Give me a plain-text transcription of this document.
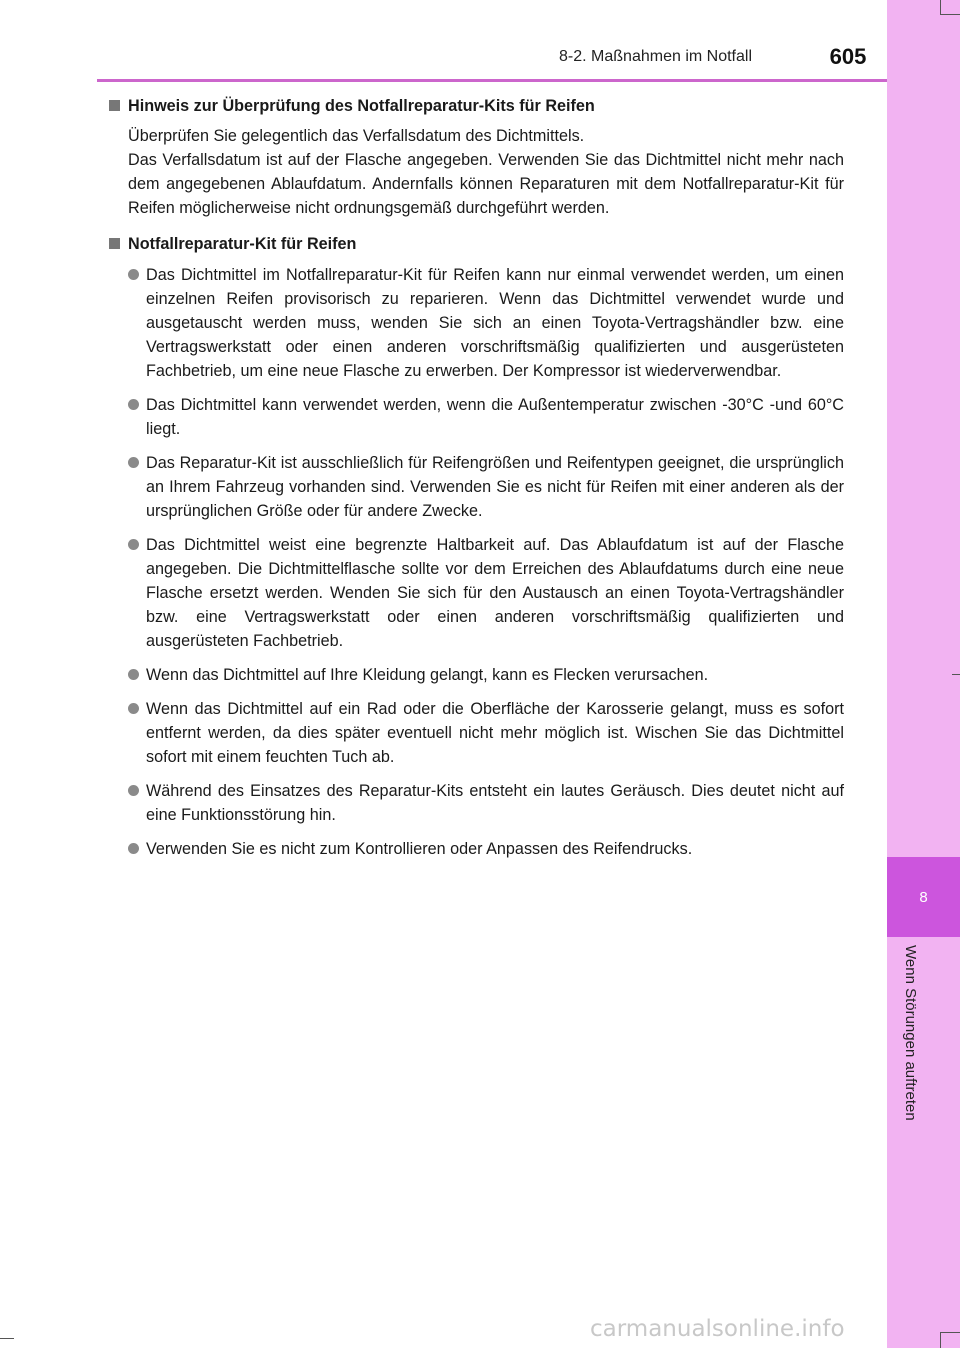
8-2. Maßnahmen im Notfall	605
8
Wenn Störungen auftreten
Hinweis zur Überprüfung des Notfallreparatur-Kits für Reifen

Überprüfen Sie gelegentlich das Verfallsdatum des Dichtmittels.

Das Verfallsdatum ist auf der Flasche angegeben. Verwenden Sie das Dichtmittel nicht mehr nach dem angegebenen Ablaufdatum. Andernfalls können Reparaturen mit dem Notfallreparatur-Kit für Reifen möglicherweise nicht ordnungsgemäß durchgeführt werden.

Notfallreparatur-Kit für Reifen
Das Dichtmittel im Notfallreparatur-Kit für Reifen kann nur einmal verwendet werden, um einen einzelnen Reifen provisorisch zu reparieren. Wenn das Dichtmittel verwendet wurde und ausgetauscht werden muss, wenden Sie sich an einen Toyota-Vertragshändler bzw. eine Vertragswerkstatt oder einen anderen vorschriftsmäßig qualifizierten und ausgerüsteten Fachbetrieb, um eine neue Flasche zu erwerben. Der Kompressor ist wiederverwendbar.
Das Dichtmittel kann verwendet werden, wenn die Außentemperatur zwischen -30°C -und 60°C liegt.
Das Reparatur-Kit ist ausschließlich für Reifengrößen und Reifentypen geeignet, die ursprünglich an Ihrem Fahrzeug vorhanden sind. Verwenden Sie es nicht für Reifen mit einer anderen als der ursprünglichen Größe oder für andere Zwecke.
Das Dichtmittel weist eine begrenzte Haltbarkeit auf. Das Ablaufdatum ist auf der Flasche angegeben. Die Dichtmittelflasche sollte vor dem Erreichen des Ablaufdatums durch eine neue Flasche ersetzt werden. Wenden Sie sich für den Austausch an einen Toyota-Vertragshändler bzw. eine Vertragswerkstatt oder einen anderen vorschriftsmäßig qualifizierten und ausgerüsteten Fachbetrieb.
Wenn das Dichtmittel auf Ihre Kleidung gelangt, kann es Flecken verursachen.
Wenn das Dichtmittel auf ein Rad oder die Oberfläche der Karosserie gelangt, muss es sofort entfernt werden, da dies später eventuell nicht mehr möglich ist. Wischen Sie das Dichtmittel sofort mit einem feuchten Tuch ab.
Während des Einsatzes des Reparatur-Kits entsteht ein lautes Geräusch. Dies deutet nicht auf eine Funktionsstörung hin.
Verwenden Sie es nicht zum Kontrollieren oder Anpassen des Reifendrucks.
carmanualsonline.info
